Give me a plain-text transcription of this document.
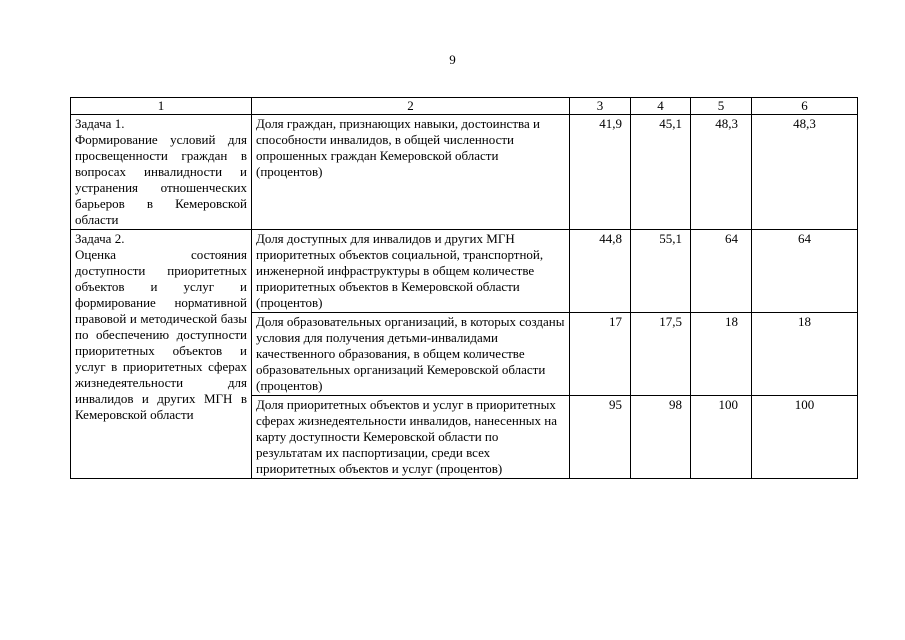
9
1	2	3	4	5	6

Задача 1.
Формирование условий для просвещенности граждан в вопросах инвалидности и устранения отношенческих барьеров в Кемеровской области	Доля граждан, признающих навыки, достоинства и способности инвалидов, в общей численности опрошенных граждан Кемеровской области (процентов)	41,9	45,1	48,3	48,3

Задача 2.
Оценка состояния доступности приоритетных объектов и услуг и формирование нормативной правовой и методической базы по обеспечению доступности приоритетных объектов и услуг в приоритетных сферах жизнедеятельности для инвалидов и других МГН в Кемеровской области	Доля доступных для инвалидов и других МГН приоритетных объектов социальной, транспортной, инженерной инфраструктуры в общем количестве приоритетных объектов в Кемеровской области (процентов)	44,8	55,1	64	64
	Доля образовательных организаций, в которых созданы условия для получения детьми-инвалидами качественного образования, в общем количестве образовательных организаций Кемеровской области (процентов)	17	17,5	18	18
	Доля приоритетных объектов и услуг в приоритетных сферах жизнедеятельности инвалидов, нанесенных на карту доступности Кемеровской области по результатам их паспортизации, среди всех приоритетных объектов и услуг (процентов)	95	98	100	100
